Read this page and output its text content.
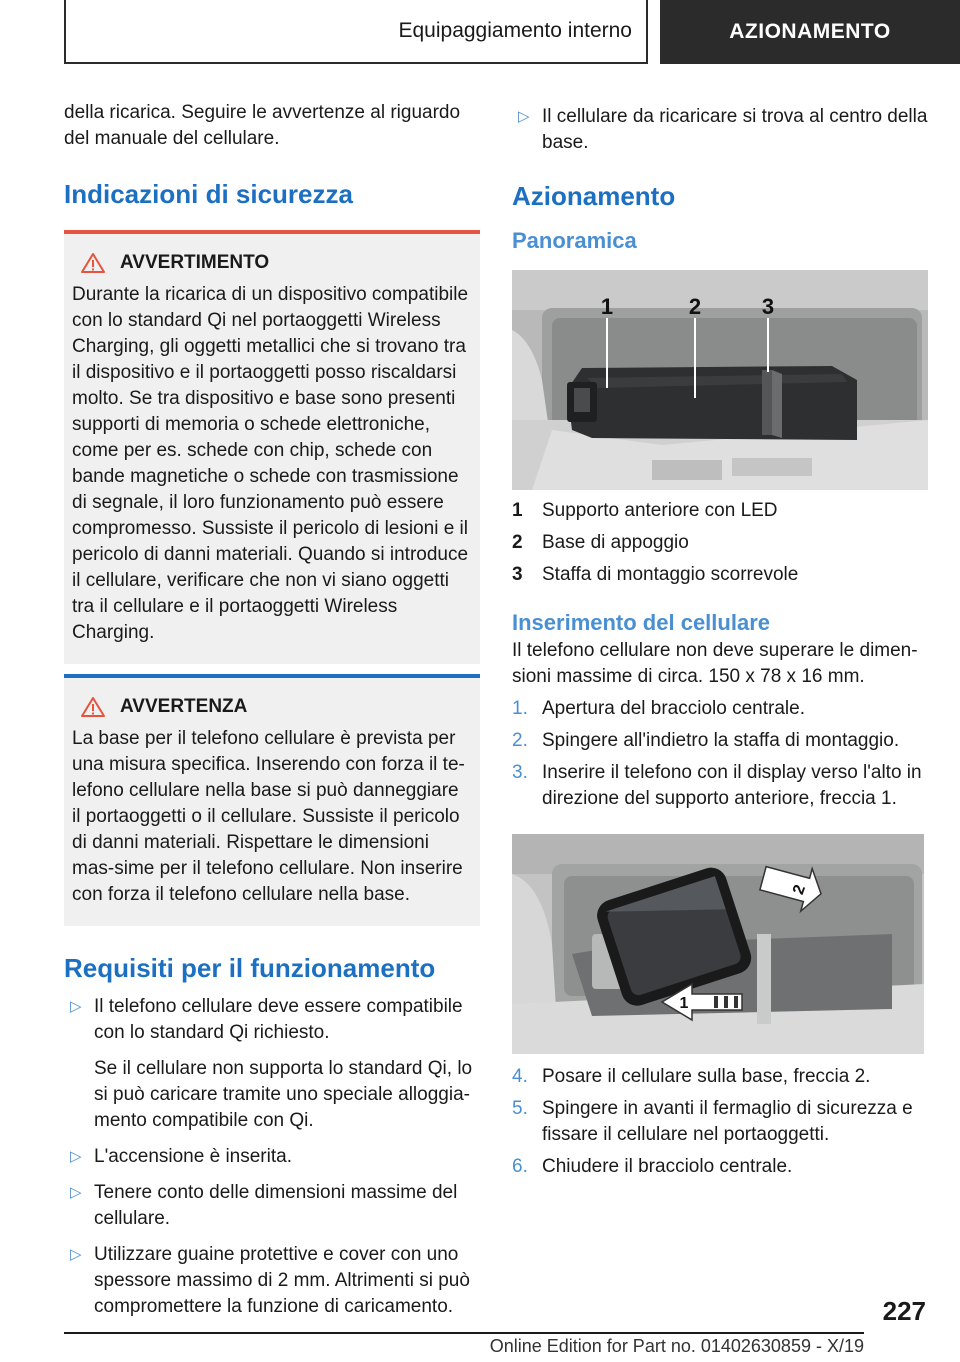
Equipaggiamento interno	AZIONAMENTO

della ricarica. Seguire le avvertenze al riguardo del manuale del cellulare.

Indicazioni di sicurezza
AVVERTIMENTO

Durante la ricarica di un dispositivo compatibile con lo standard Qi nel portaoggetti Wireless Charging, gli oggetti metallici che si trovano tra il dispositivo e il portaoggetti posso riscaldarsi molto. Se tra dispositivo e base sono presenti supporti di memoria o schede elettroniche, come per es. schede con chip, schede con bande magnetiche o schede con trasmissione di segnale, il loro funzionamento può essere compromesso. Sussiste il pericolo di lesioni e il pericolo di danni materiali. Quando si introduce il cellulare, verificare che non vi siano oggetti tra il cellulare e il portaoggetti Wireless Charging.

AVVERTENZA

La base per il telefono cellulare è prevista per una misura specifica. Inserendo con forza il te‐lefono cellulare nella base si può danneggiare il portaoggetti o il cellulare. Sussiste il pericolo di danni materiali. Rispettare le dimensioni mas‐sime per il telefono cellulare. Non inserire con forza il telefono cellulare nella base.

Requisiti per il funzionamento
▷ Il telefono cellulare deve essere compatibile con lo standard Qi richiesto.
Se il cellulare non supporta lo standard Qi, lo si può caricare tramite uno speciale alloggia‐mento compatibile con Qi.
▷ L'accensione è inserita.
▷ Tenere conto delle dimensioni massime del cellulare.
▷ Utilizzare guaine protettive e cover con uno spessore massimo di 2 mm. Altrimenti si può compromettere la funzione di caricamento.
▷ Il cellulare da ricaricare si trova al centro della base.
Azionamento
Panoramica
1	2	3
1	Supporto anteriore con LED
2	Base di appoggio
3	Staffa di montaggio scorrevole
Inserimento del cellulare

Il telefono cellulare non deve superare le dimen‐sioni massime di circa. 150 x 78 x 16 mm.

1. Apertura del bracciolo centrale.
2. Spingere all'indietro la staffa di montaggio.
3. Inserire il telefono con il display verso l'alto in direzione del supporto anteriore, freccia 1.
1
2
4. Posare il cellulare sulla base, freccia 2.
5. Spingere in avanti il fermaglio di sicurezza e fissare il cellulare nel portaoggetti.
6. Chiudere il bracciolo centrale.
227
Online Edition for Part no. 01402630859 - X/19
